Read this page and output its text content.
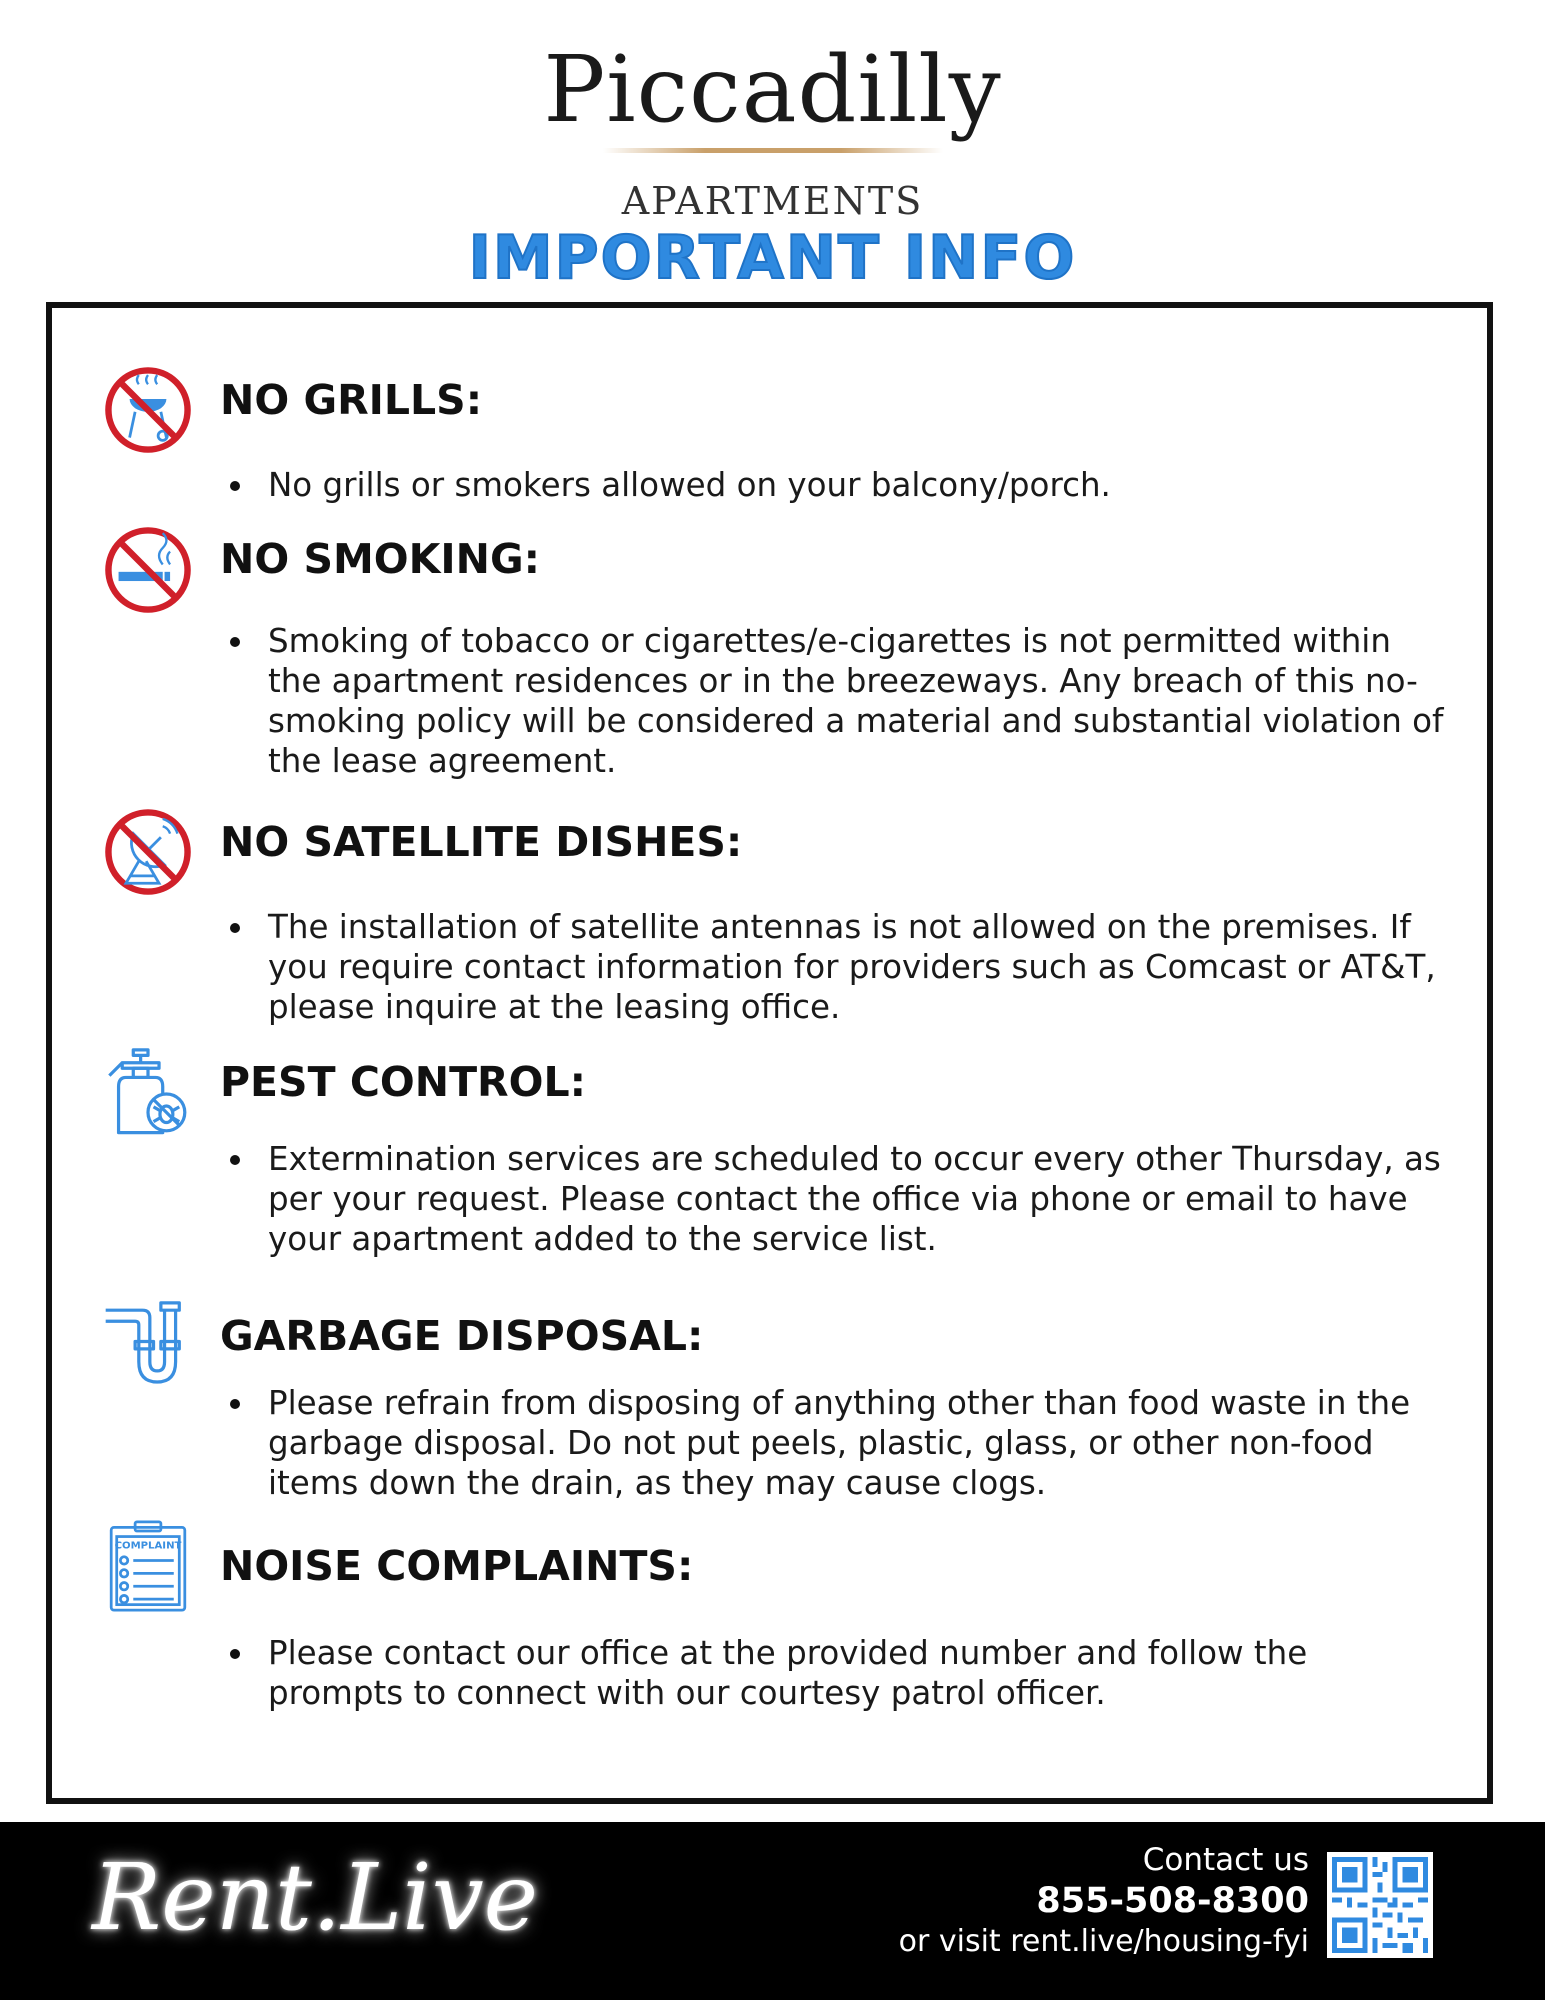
Piccadilly
APARTMENTS
IMPORTANT INFO
NO GRILLS:
No grills or smokers allowed on your balcony/porch.
NO SMOKING:
Smoking of tobacco or cigarettes/e-cigarettes is not permitted within the apartment residences or in the breezeways. Any breach of this no-smoking policy will be considered a material and substantial violation of the lease agreement.
NO SATELLITE DISHES:
The installation of satellite antennas is not allowed on the premises. If you require contact information for providers such as Comcast or AT&T, please inquire at the leasing office.
PEST CONTROL:
Extermination services are scheduled to occur every other Thursday, as per your request. Please contact the office via phone or email to have your apartment added to the service list.
GARBAGE DISPOSAL:
Please refrain from disposing of anything other than food waste in the garbage disposal. Do not put peels, plastic, glass, or other non-food items down the drain, as they may cause clogs.
COMPLAINT NOISE COMPLAINTS:
Please contact our office at the provided number and follow the prompts to connect with our courtesy patrol officer.
Rent.Live	Contact us
855-508-8300
or visit rent.live/housing-fyi
